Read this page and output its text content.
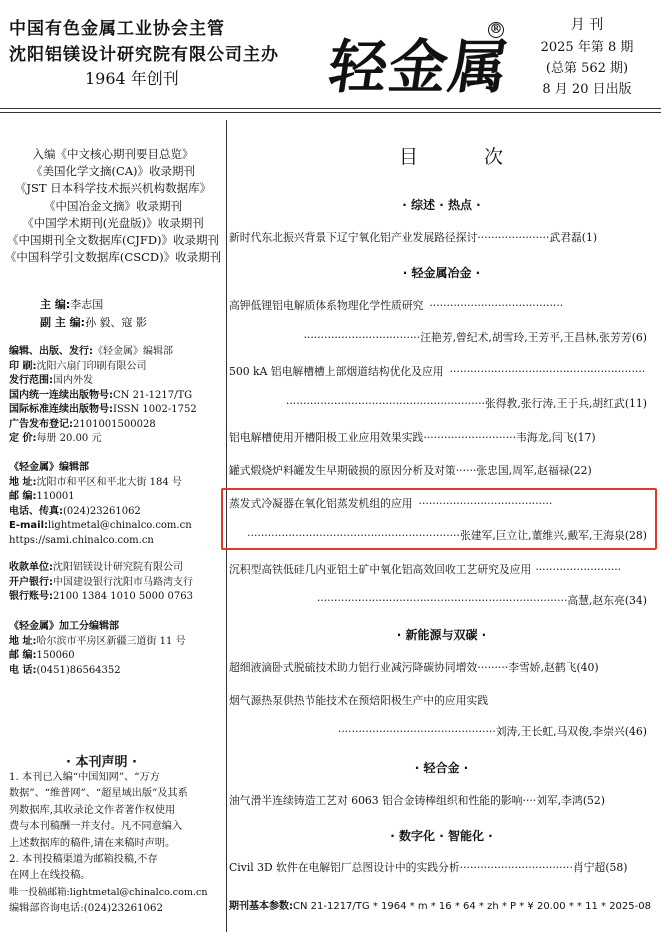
中国有色金属工业协会主管
沈阳铝镁设计研究院有限公司主办
1964 年创刊	轻金属
®	月 刊
2025 年第 8 期
(总第 562 期)
8 月 20 日出版
入编《中文核心期刊要目总览》
《美国化学文摘(CA)》收录期刊
《JST 日本科学技术振兴机构数据库》
《中国冶金文摘》收录期刊
《中国学术期刊(光盘版)》收录期刊
《中国期刊全文数据库(CJFD)》收录期刊
《中国科学引文数据库(CSCD)》收录期刊
主 编:李志国
副 主 编:孙 毅、寇 影
编辑、出版、发行:《轻金属》编辑部
印 刷:沈阳六扇门印刷有限公司
发行范围:国内外发
国内统一连续出版物号:CN 21-1217/TG
国际标准连续出版物号:ISSN 1002-1752
广告发布登记:2101001500028
定 价:每册 20.00 元
《轻金属》编辑部
地 址:沈阳市和平区和平北大街 184 号
邮 编:110001
电话、传真:(024)23261062
E-mail:lightmetal@chinalco.com.cn
https://sami.chinalco.com.cn
收款单位:沈阳铝镁设计研究院有限公司
开户银行:中国建设银行沈阳市马路湾支行
银行账号:2100 1384 1010 5000 0763
《轻金属》加工分编辑部
地 址:哈尔滨市平房区新疆三道街 11 号
邮 编:150060
电 话:(0451)86564352
· 本刊声明 ·
1. 本刊已入编“中国知网”、“万方
数据”、“维普网”、“超星域出版”及其系
列数据库,其收录论文作者著作权使用
费与本刊稿酬一并支付。凡不同意编入
上述数据库的稿件,请在来稿时声明。
2. 本刊投稿渠道为邮箱投稿,不存
在网上在线投稿。
唯一投稿邮箱:lightmetal@chinalco.com.cn
编辑部咨询电话:(024)23261062
目 次
· 综述 · 热点 ·
新时代东北振兴背景下辽宁氧化铝产业发展路径探讨·····················武君磊(1)
· 轻金属冶金 ·
高钾低锂铝电解质体系物理化学性质研究 ·······································
··································汪艳芳,曾纪术,胡雪玲,王芳平,王昌林,张芳芳(6)
500 kA 铝电解槽槽上部烟道结构优化及应用 ·························································
··························································张得教,张行涛,王于兵,胡红武(11)
铝电解槽使用开槽阳极工业应用效果实践···························韦海龙,闫飞(17)
罐式煅烧炉料罐发生早期破损的原因分析及对策······张忠国,周军,赵福禄(22)
蒸发式冷凝器在氧化铝蒸发机组的应用 ·······································
······························································张建军,巨立让,董维兴,戴军,王海泉(28)
沉积型高铁低硅几内亚铝土矿中氧化铝高效回收工艺研究及应用 ·························
·········································································高慧,赵东亮(34)
· 新能源与双碳 ·
超细液滴卧式脱硫技术助力铝行业减污降碳协同增效·········李雪娇,赵鹤飞(40)
烟气源热泵供热节能技术在预焙阳极生产中的应用实践
··············································刘涛,王长虹,马双俊,李崇兴(46)
· 轻合金 ·
油气滑半连续铸造工艺对 6063 铝合金铸棒组织和性能的影响····刘军,李鸿(52)
· 数字化 · 智能化 ·
Civil 3D 软件在电解铝厂总图设计中的实践分析·································肖宁超(58)
期刊基本参数:CN 21-1217/TG * 1964 * m * 16 * 64 * zh * P * ¥ 20.00 * * 11 * 2025-08
